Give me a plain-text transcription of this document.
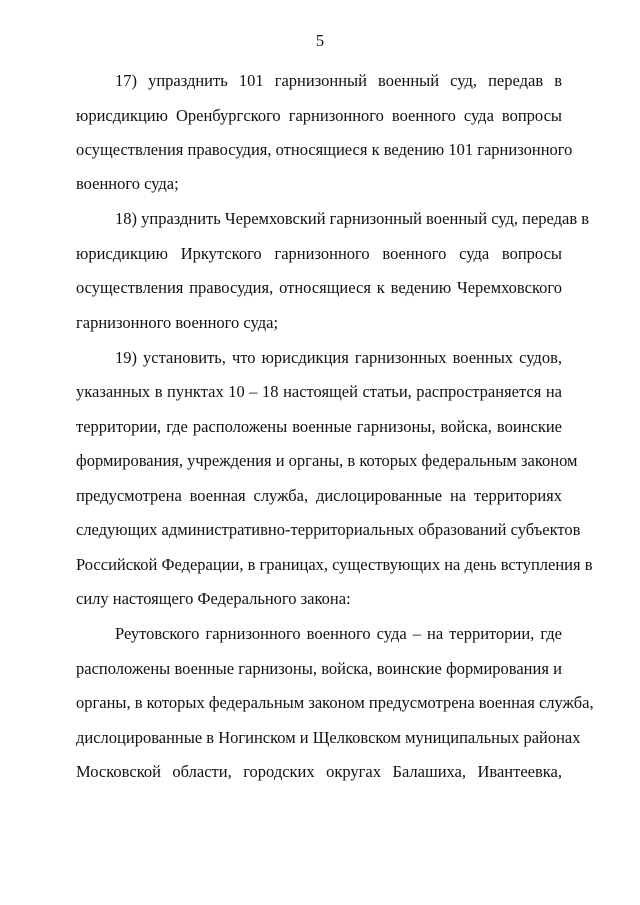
5
17) упразднить 101 гарнизонный военный суд, передав в
юрисдикцию Оренбургского гарнизонного военного суда вопросы
осуществления правосудия, относящиеся к ведению 101 гарнизонного
военного суда;
18) упразднить Черемховский гарнизонный военный суд, передав в
юрисдикцию Иркутского гарнизонного военного суда вопросы
осуществления правосудия, относящиеся к ведению Черемховского
гарнизонного военного суда;
19) установить, что юрисдикция гарнизонных военных судов,
указанных в пунктах 10 – 18 настоящей статьи, распространяется на
территории, где расположены военные гарнизоны, войска, воинские
формирования, учреждения и органы, в которых федеральным законом
предусмотрена военная служба, дислоцированные на территориях
следующих административно-территориальных образований субъектов
Российской Федерации, в границах, существующих на день вступления в
силу настоящего Федерального закона:
Реутовского гарнизонного военного суда – на территории, где
расположены военные гарнизоны, войска, воинские формирования и
органы, в которых федеральным законом предусмотрена военная служба,
дислоцированные в Ногинском и Щелковском муниципальных районах
Московской области, городских округах Балашиха, Ивантеевка,
